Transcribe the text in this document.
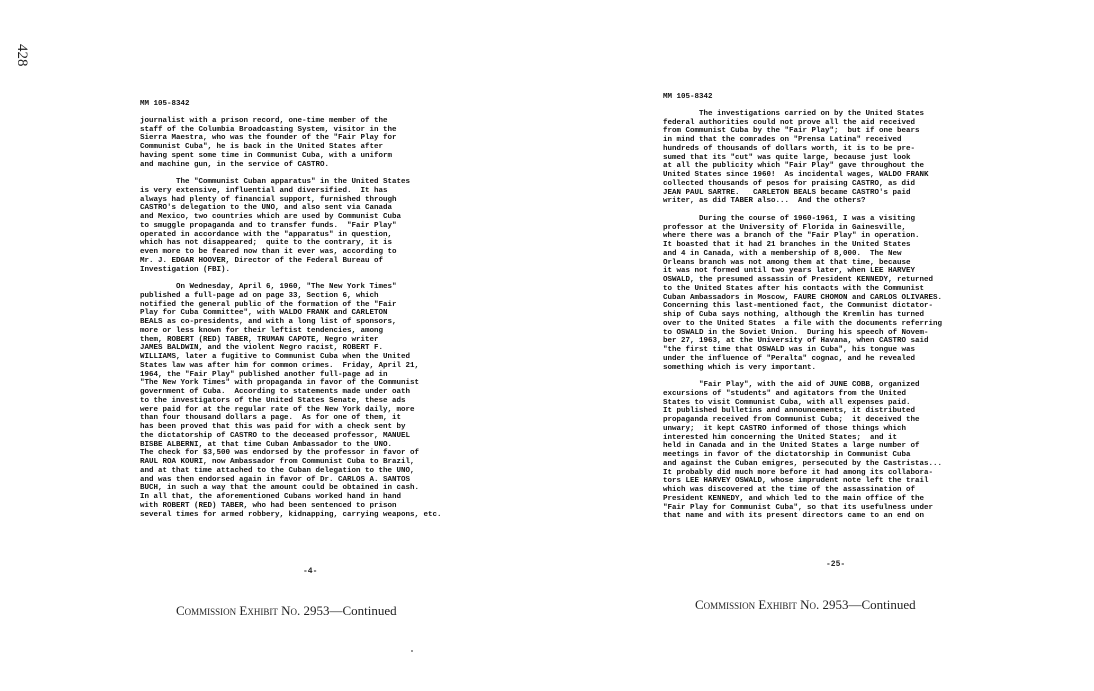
428
MM 105-8342
journalist with a prison record, one-time member of the
staff of the Columbia Broadcasting System, visitor in the
Sierra Maestra, who was the founder of the "Fair Play for
Communist Cuba", he is back in the United States after
having spent some time in Communist Cuba, with a uniform
and machine gun, in the service of CASTRO.
The "Communist Cuban apparatus" in the United States
is very extensive, influential and diversified.  It has
always had plenty of financial support, furnished through
CASTRO's delegation to the UNO, and also sent via Canada
and Mexico, two countries which are used by Communist Cuba
to smuggle propaganda and to transfer funds.  "Fair Play"
operated in accordance with the "apparatus" in question,
which has not disappeared;  quite to the contrary, it is
even more to be feared now than it ever was, according to
Mr. J. EDGAR HOOVER, Director of the Federal Bureau of
Investigation (FBI).
On Wednesday, April 6, 1960, "The New York Times"
published a full-page ad on page 33, Section 6, which
notified the general public of the formation of the "Fair
Play for Cuba Committee", with WALDO FRANK and CARLETON
BEALS as co-presidents, and with a long list of sponsors,
more or less known for their leftist tendencies, among
them, ROBERT (RED) TABER, TRUMAN CAPOTE, Negro writer
JAMES BALDWIN, and the violent Negro racist, ROBERT F.
WILLIAMS, later a fugitive to Communist Cuba when the United
States law was after him for common crimes.  Friday, April 21,
1964, the "Fair Play" published another full-page ad in
"The New York Times" with propaganda in favor of the Communist
government of Cuba.  According to statements made under oath
to the investigators of the United States Senate, these ads
were paid for at the regular rate of the New York daily, more
than four thousand dollars a page.  As for one of them, it
has been proved that this was paid for with a check sent by
the dictatorship of CASTRO to the deceased professor, MANUEL
BISBE ALBERNI, at that time Cuban Ambassador to the UNO.
The check for $3,500 was endorsed by the professor in favor of
RAUL ROA KOURI, now Ambassador from Communist Cuba to Brazil,
and at that time attached to the Cuban delegation to the UNO,
and was then endorsed again in favor of Dr. CARLOS A. SANTOS
BUCH, in such a way that the amount could be obtained in cash.
In all that, the aforementioned Cubans worked hand in hand
with ROBERT (RED) TABER, who had been sentenced to prison
several times for armed robbery, kidnapping, carrying weapons, etc.
-4-
Commission Exhibit No. 2953—Continued
MM 105-8342
The investigations carried on by the United States
federal authorities could not prove all the aid received
from Communist Cuba by the "Fair Play";  but if one bears
in mind that the comrades on "Prensa Latina" received
hundreds of thousands of dollars worth, it is to be pre-
sumed that its "cut" was quite large, because just look
at all the publicity which "Fair Play" gave throughout the
United States since 1960!  As incidental wages, WALDO FRANK
collected thousands of pesos for praising CASTRO, as did
JEAN PAUL SARTRE.   CARLETON BEALS became CASTRO's paid
writer, as did TABER also...  And the others?
During the course of 1960-1961, I was a visiting
professor at the University of Florida in Gainesville,
where there was a branch of the "Fair Play" in operation.
It boasted that it had 21 branches in the United States
and 4 in Canada, with a membership of 8,000.  The New
Orleans branch was not among them at that time, because
it was not formed until two years later, when LEE HARVEY
OSWALD, the presumed assassin of President KENNEDY, returned
to the United States after his contacts with the Communist
Cuban Ambassadors in Moscow, FAURE CHOMON and CARLOS OLIVARES.
Concerning this last-mentioned fact, the Communist dictator-
ship of Cuba says nothing, although the Kremlin has turned
over to the United States  a file with the documents referring
to OSWALD in the Soviet Union.  During his speech of Novem-
ber 27, 1963, at the University of Havana, when CASTRO said
"the first time that OSWALD was in Cuba", his tongue was
under the influence of "Peralta" cognac, and he revealed
something which is very important.
"Fair Play", with the aid of JUNE COBB, organized
excursions of "students" and agitators from the United
States to visit Communist Cuba, with all expenses paid.
It published bulletins and announcements, it distributed
propaganda received from Communist Cuba;  it deceived the
unwary;  it kept CASTRO informed of those things which
interested him concerning the United States;  and it
held in Canada and in the United States a large number of
meetings in favor of the dictatorship in Communist Cuba
and against the Cuban emigres, persecuted by the Castristas...
It probably did much more before it had among its collabora-
tors LEE HARVEY OSWALD, whose imprudent note left the trail
which was discovered at the time of the assassination of
President KENNEDY, and which led to the main office of the
"Fair Play for Communist Cuba", so that its usefulness under
that name and with its present directors came to an end on
-25-
Commission Exhibit No. 2953—Continued
